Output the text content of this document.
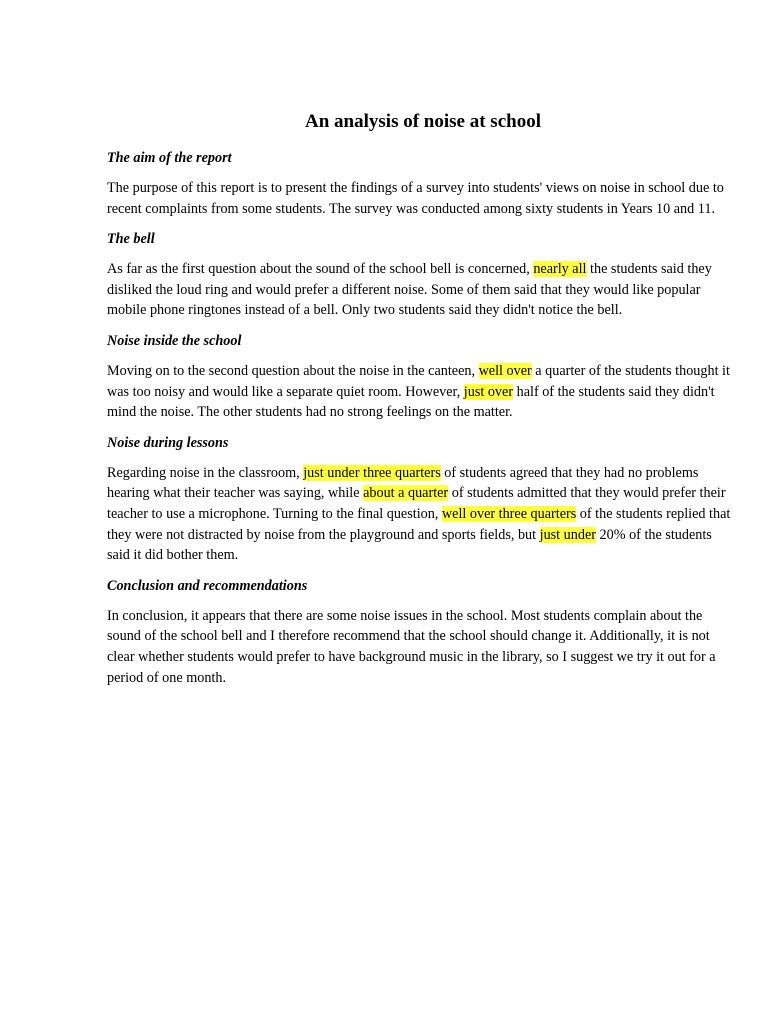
An analysis of noise at school
The aim of the report

The purpose of this report is to present the findings of a survey into students' views on noise in school due to recent complaints from some students. The survey was conducted among sixty students in Years 10 and 11.

The bell

As far as the first question about the sound of the school bell is concerned, nearly all the students said they disliked the loud ring and would prefer a different noise. Some of them said that they would like popular mobile phone ringtones instead of a bell. Only two students said they didn't notice the bell.

Noise inside the school

Moving on to the second question about the noise in the canteen, well over a quarter of the students thought it was too noisy and would like a separate quiet room. However, just over half of the students said they didn't mind the noise. The other students had no strong feelings on the matter.

Noise during lessons

Regarding noise in the classroom, just under three quarters of students agreed that they had no problems hearing what their teacher was saying, while about a quarter of students admitted that they would prefer their teacher to use a microphone. Turning to the final question, well over three quarters of the students replied that they were not distracted by noise from the playground and sports fields, but just under 20% of the students said it did bother them.

Conclusion and recommendations

In conclusion, it appears that there are some noise issues in the school. Most students complain about the sound of the school bell and I therefore recommend that the school should change it. Additionally, it is not clear whether students would prefer to have background music in the library, so I suggest we try it out for a period of one month.
